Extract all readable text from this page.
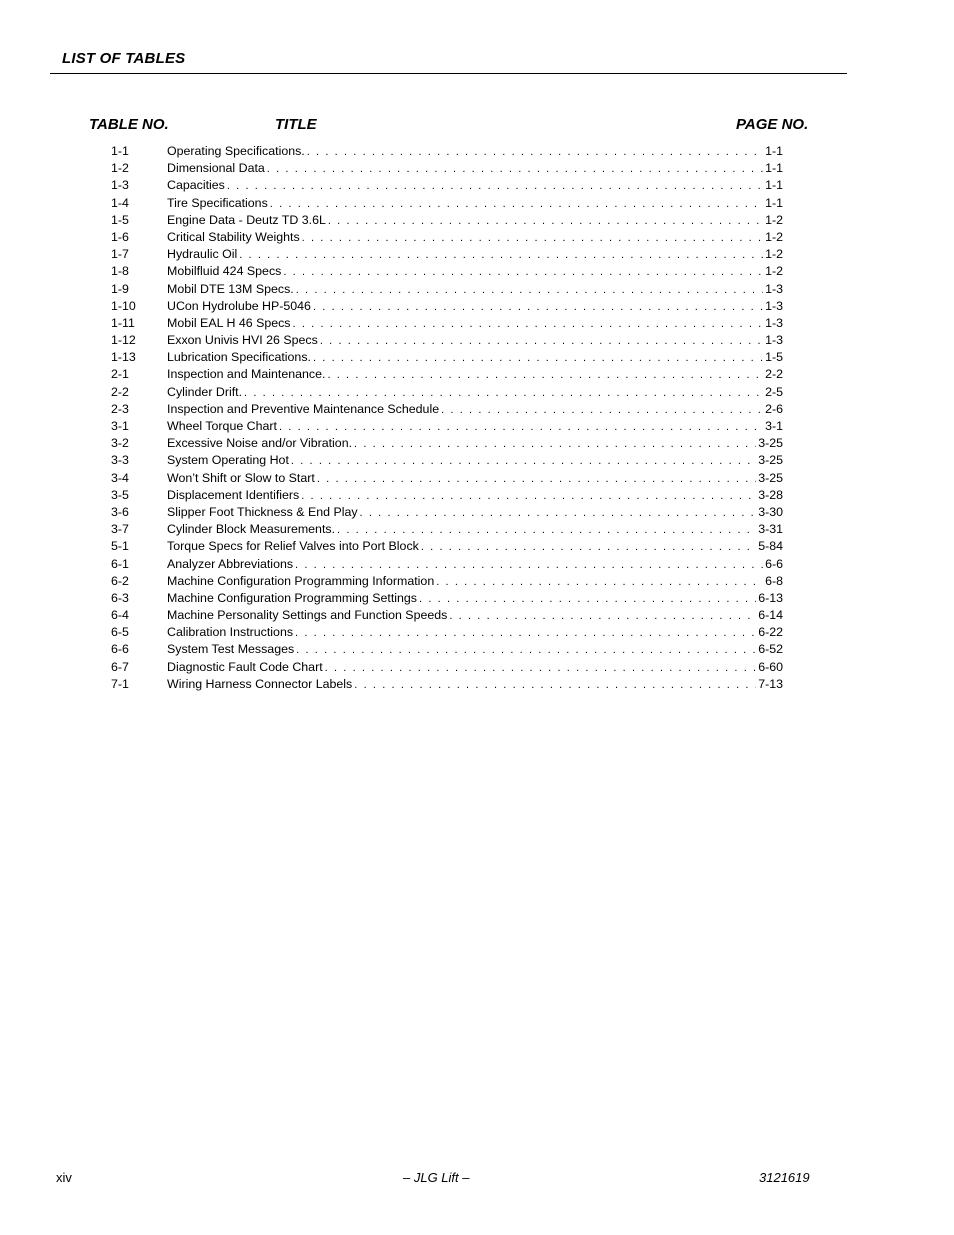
LIST OF TABLES
TABLE NO.	TITLE	PAGE NO.
1-1	Operating Specifications. . . .	1-1
1-2	Dimensional Data . . .	1-1
1-3	Capacities . . .	1-1
1-4	Tire Specifications . . .	1-1
1-5	Engine Data - Deutz TD 3.6L . . .	1-2
1-6	Critical Stability Weights . . .	1-2
1-7	Hydraulic Oil . . .	1-2
1-8	Mobilfluid 424 Specs . . .	1-2
1-9	Mobil DTE 13M Specs. . . .	1-3
1-10	UCon Hydrolube HP-5046 . . .	1-3
1-11	Mobil EAL H 46 Specs . . .	1-3
1-12	Exxon Univis HVI 26 Specs . . .	1-3
1-13	Lubrication Specifications. . . .	1-5
2-1	Inspection and Maintenance. . . .	2-2
2-2	Cylinder Drift. . . .	2-5
2-3	Inspection and Preventive Maintenance Schedule . . .	2-6
3-1	Wheel Torque Chart . . .	3-1
3-2	Excessive Noise and/or Vibration. . . .	3-25
3-3	System Operating Hot . . .	3-25
3-4	Won’t Shift or Slow to Start . . .	3-25
3-5	Displacement Identifiers . . .	3-28
3-6	Slipper Foot Thickness & End Play . . .	3-30
3-7	Cylinder Block Measurements. . . .	3-31
5-1	Torque Specs for Relief Valves into Port Block . . .	5-84
6-1	Analyzer Abbreviations . . .	6-6
6-2	Machine Configuration Programming Information . . .	6-8
6-3	Machine Configuration Programming Settings . . .	6-13
6-4	Machine Personality Settings and Function Speeds . . .	6-14
6-5	Calibration Instructions . . .	6-22
6-6	System Test Messages . . .	6-52
6-7	Diagnostic Fault Code Chart . . .	6-60
7-1	Wiring Harness Connector Labels . . .	7-13
xiv	– JLG Lift –	3121619
